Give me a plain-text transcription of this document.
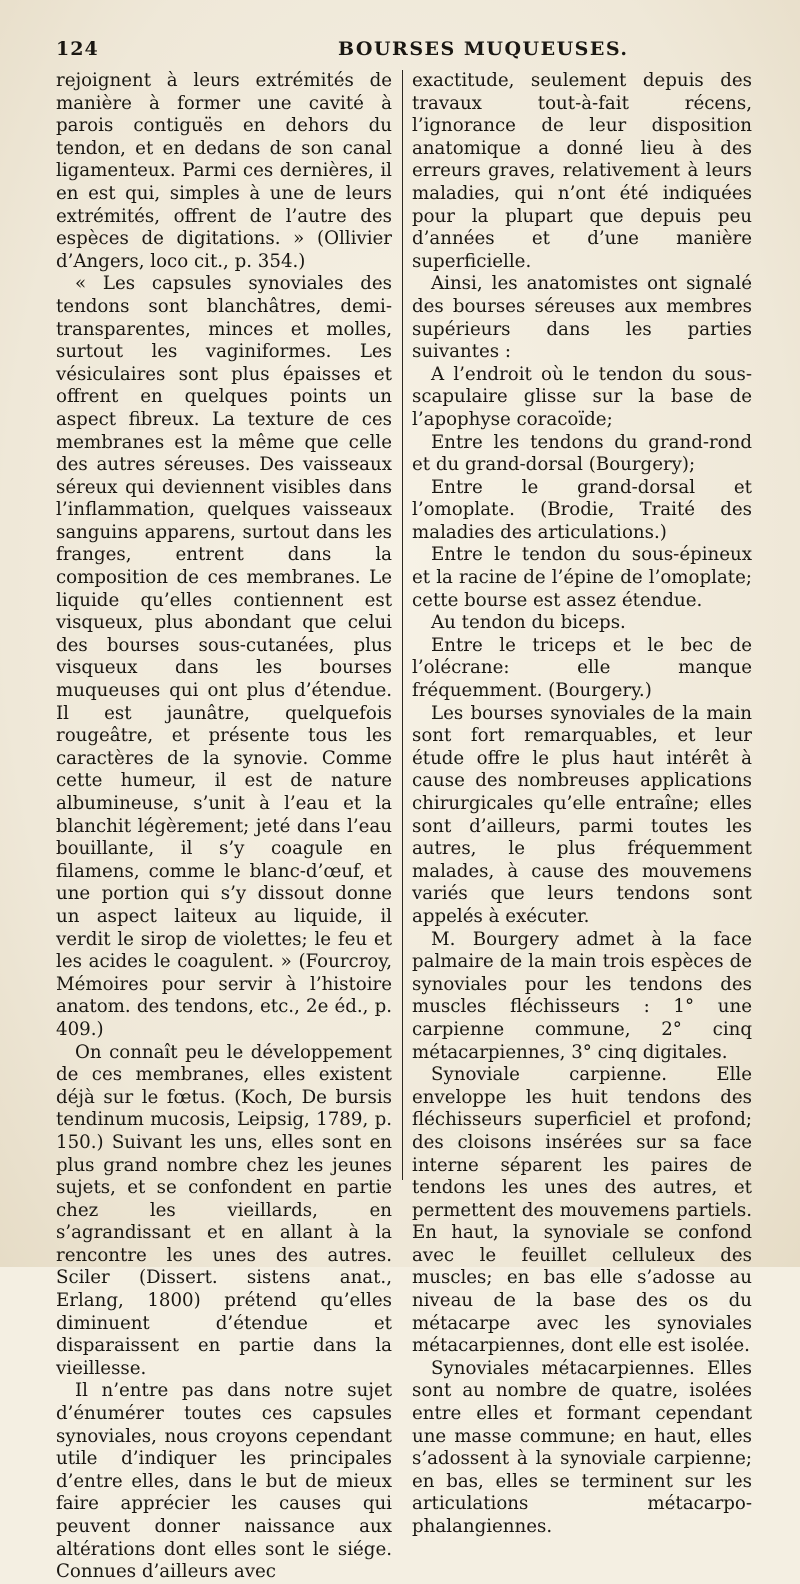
124	BOURSES MUQUEUSES.

rejoignent à leurs extrémités de manière à former une cavité à parois contiguës en dehors du tendon, et en dedans de son canal ligamenteux. Parmi ces dernières, il en est qui, simples à une de leurs extrémités, offrent de l’autre des espèces de digitations. » (Ollivier d’Angers, loco cit., p. 354.)

« Les capsules synoviales des tendons sont blanchâtres, demi-transparentes, minces et molles, surtout les vaginiformes. Les vésiculaires sont plus épaisses et offrent en quelques points un aspect fibreux. La texture de ces membranes est la même que celle des autres séreuses. Des vaisseaux séreux qui deviennent visibles dans l’inflammation, quelques vaisseaux sanguins apparens, surtout dans les franges, entrent dans la composition de ces membranes. Le liquide qu’elles contiennent est visqueux, plus abondant que celui des bourses sous-cutanées, plus visqueux dans les bourses muqueuses qui ont plus d’étendue. Il est jaunâtre, quelquefois rougeâtre, et présente tous les caractères de la synovie. Comme cette humeur, il est de nature albumineuse, s’unit à l’eau et la blanchit légèrement; jeté dans l’eau bouillante, il s’y coagule en filamens, comme le blanc-d’œuf, et une portion qui s’y dissout donne un aspect laiteux au liquide, il verdit le sirop de violettes; le feu et les acides le coagulent. » (Fourcroy, Mémoires pour servir à l’histoire anatom. des tendons, etc., 2e éd., p. 409.)

On connaît peu le développement de ces membranes, elles existent déjà sur le fœtus. (Koch, De bursis tendinum mucosis, Leipsig, 1789, p. 150.) Suivant les uns, elles sont en plus grand nombre chez les jeunes sujets, et se confondent en partie chez les vieillards, en s’agrandissant et en allant à la rencontre les unes des autres. Sciler (Dissert. sistens anat., Erlang, 1800) prétend qu’elles diminuent d’étendue et disparaissent en partie dans la vieillesse.

Il n’entre pas dans notre sujet d’énumérer toutes ces capsules synoviales, nous croyons cependant utile d’indiquer les principales d’entre elles, dans le but de mieux faire apprécier les causes qui peuvent donner naissance aux altérations dont elles sont le siége. Connues d’ailleurs avec

exactitude, seulement depuis des travaux tout-à-fait récens, l’ignorance de leur disposition anatomique a donné lieu à des erreurs graves, relativement à leurs maladies, qui n’ont été indiquées pour la plupart que depuis peu d’années et d’une manière superficielle.

Ainsi, les anatomistes ont signalé des bourses séreuses aux membres supérieurs dans les parties suivantes :

A l’endroit où le tendon du sous-scapulaire glisse sur la base de l’apophyse coracoïde;

Entre les tendons du grand-rond et du grand-dorsal (Bourgery);

Entre le grand-dorsal et l’omoplate. (Brodie, Traité des maladies des articulations.)

Entre le tendon du sous-épineux et la racine de l’épine de l’omoplate; cette bourse est assez étendue.

Au tendon du biceps.

Entre le triceps et le bec de l’olécrane: elle manque fréquemment. (Bourgery.)

Les bourses synoviales de la main sont fort remarquables, et leur étude offre le plus haut intérêt à cause des nombreuses applications chirurgicales qu’elle entraîne; elles sont d’ailleurs, parmi toutes les autres, le plus fréquemment malades, à cause des mouvemens variés que leurs tendons sont appelés à exécuter.

M. Bourgery admet à la face palmaire de la main trois espèces de synoviales pour les tendons des muscles fléchisseurs : 1° une carpienne commune, 2° cinq métacarpiennes, 3° cinq digitales.

Synoviale carpienne. Elle enveloppe les huit tendons des fléchisseurs superficiel et profond; des cloisons insérées sur sa face interne séparent les paires de tendons les unes des autres, et permettent des mouvemens partiels. En haut, la synoviale se confond avec le feuillet celluleux des muscles; en bas elle s’adosse au niveau de la base des os du métacarpe avec les synoviales métacarpiennes, dont elle est isolée.

Synoviales métacarpiennes. Elles sont au nombre de quatre, isolées entre elles et formant cependant une masse commune; en haut, elles s’adossent à la synoviale carpienne; en bas, elles se terminent sur les articulations métacarpo-phalangiennes.
